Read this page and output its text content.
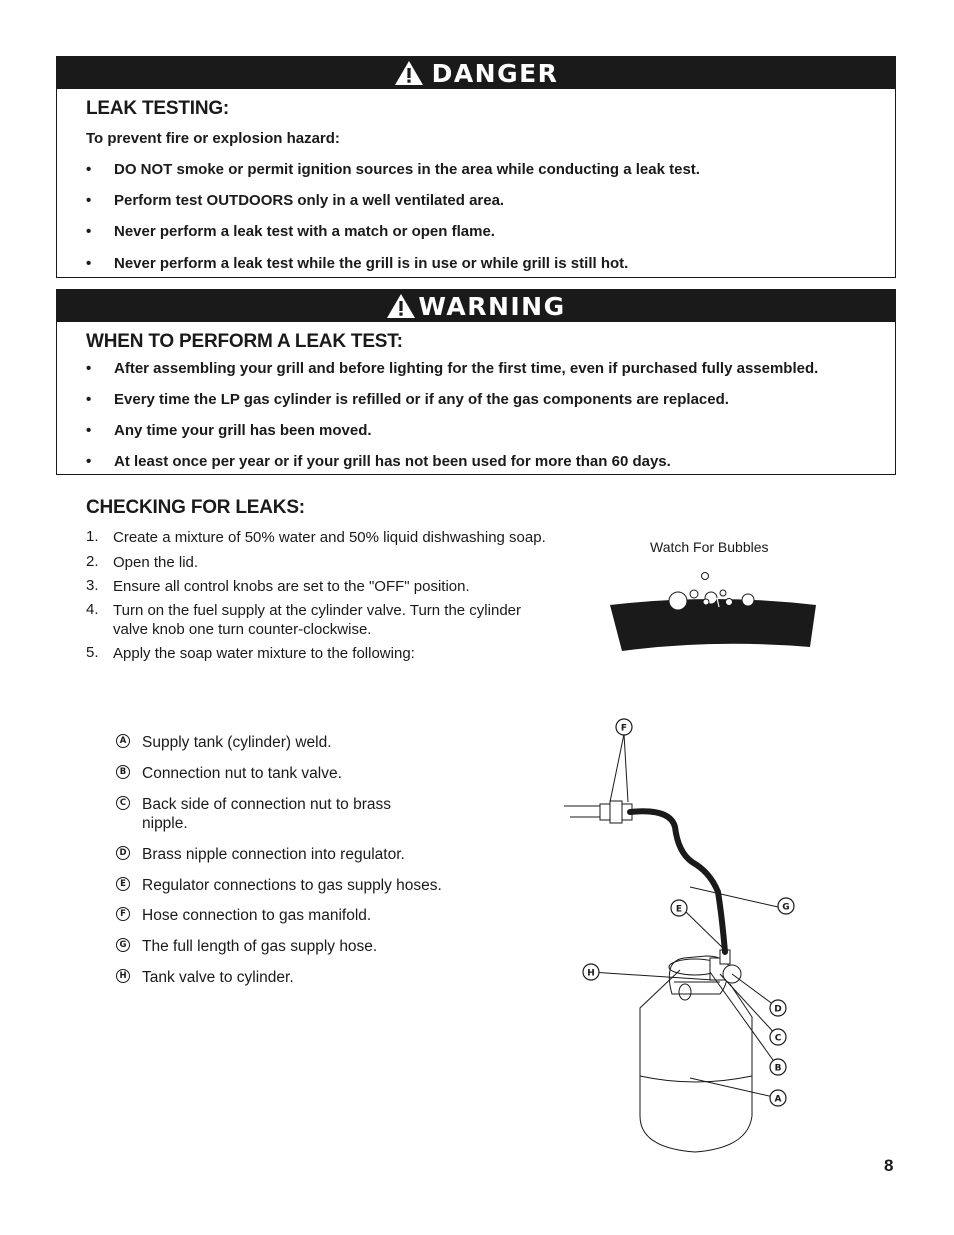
DANGER
LEAK TESTING:
To prevent fire or explosion hazard:
• DO NOT smoke or permit ignition sources in the area while conducting a leak test.
• Perform test OUTDOORS only in a well ventilated area.
• Never perform a leak test with a match or open flame.
• Never perform a leak test while the grill is in use or while grill is still hot.
WARNING
WHEN TO PERFORM A LEAK TEST:
• After assembling your grill and before lighting for the first time, even if purchased fully assembled.
• Every time the LP gas cylinder is refilled or if any of the gas components are replaced.
• Any time your grill has been moved.
• At least once per year or if your grill has not been used for more than 60 days.
CHECKING FOR LEAKS:
1. Create a mixture of 50% water and 50% liquid dishwashing soap.
2. Open the lid.
3. Ensure all control knobs are set to the "OFF" position.
4. Turn on the fuel supply at the cylinder valve. Turn the cylinder valve knob one turn counter-clockwise.
5. Apply the soap water mixture to the following:
Watch For Bubbles
A Supply tank (cylinder) weld.
B Connection nut to tank valve.
C Back side of connection nut to brass nipple.
D Brass nipple connection into regulator.
E Regulator connections to gas supply hoses.
F Hose connection to gas manifold.
G The full length of gas supply hose.
H Tank valve to cylinder.
F
E	G
H
D
C
B
A
8
